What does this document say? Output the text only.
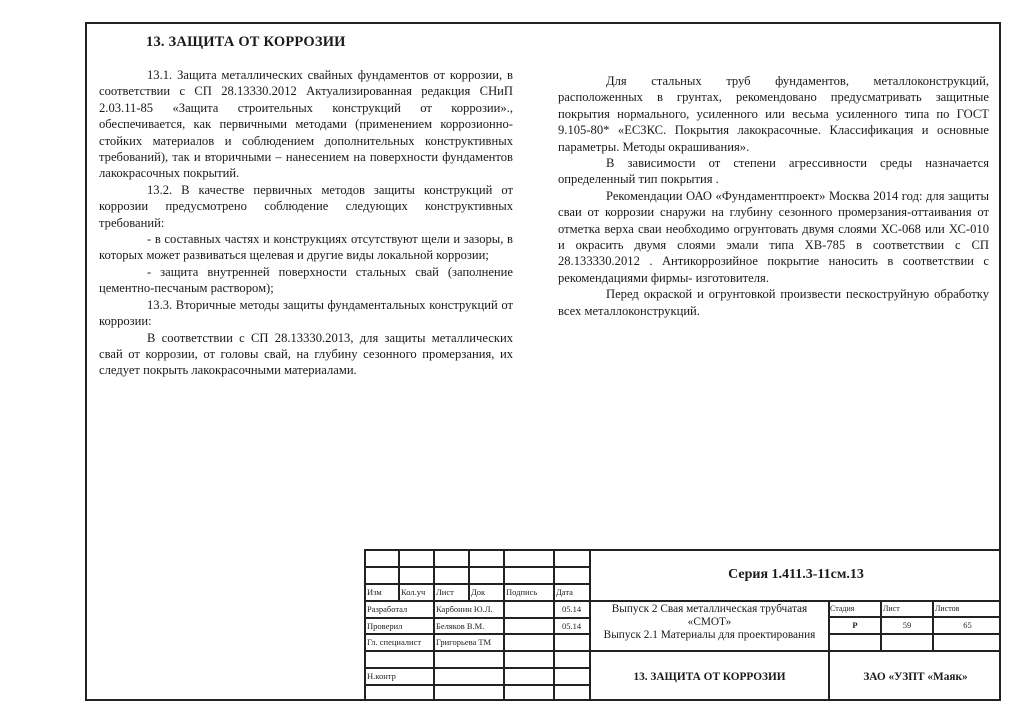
13. ЗАЩИТА ОТ КОРРОЗИИ

13.1. Защита металлических свайных фундаментов от коррозии, в соответствии с СП 28.13330.2012 Актуализированная редакция СНиП 2.03.11-85 «Защита строительных конструкций от коррозии»., обеспечивается, как первичными методами (применением коррозионно-стойких материалов и соблюдением дополнительных конструктивных требований), так и вторичными – нанесением на поверхности фундаментов лакокрасочных покрытий.

13.2. В качестве первичных методов защиты конструкций от коррозии предусмотрено соблюдение следующих конструктивных требований:

- в составных частях и конструкциях отсутствуют щели и зазоры, в которых может развиваться щелевая и другие виды локальной коррозии;

- защита внутренней поверхности стальных свай (заполнение цементно-песчаным раствором);

13.3. Вторичные методы защиты фундаментальных конструкций от коррозии:

В соответствии с СП 28.13330.2013, для защиты металлических свай от коррозии, от головы свай, на глубину сезонного промерзания, их следует покрыть лакокрасочными материалами.

Для стальных труб фундаментов, металлоконструкций, расположенных в грунтах, рекомендовано предусматривать защитные покрытия нормального, усиленного или весьма усиленного типа по ГОСТ 9.105-80* «ЕСЗКС. Покрытия лакокрасочные. Классификация и основные параметры. Методы окрашивания».

В зависимости от степени агрессивности среды назначается определенный тип покрытия .

Рекомендации ОАО «Фундаментпроект» Москва 2014 год: для защиты сваи от коррозии снаружи на глубину сезонного промерзания-оттаивания от отметка верха сваи необходимо огрунтовать двумя слоями ХС-068 или ХС-010 и окрасить двумя слоями эмали типа ХВ-785 в соответствии с СП 28.133330.2012 . Антикоррозийное покрытие наносить в соответствии с рекомендациями фирмы- изготовителя.

Перед окраской и огрунтовкой произвести пескоструйную обработку всех металлоконструкций.

Изм Кол.уч Лист Док Подпись Дата
Разработал	Карбонин Ю.Л.	05.14
Проверил	Беляков В.М.	05.14
Гл. специалист Григорьева ТМ
Н.контр
Серия 1.411.3-11см.13
Выпуск 2 Свая металлическая трубчатая
«СМОТ»
Выпуск 2.1 Материалы для проектирования
Стадия	Лист	Листов
Р	59	65
13. ЗАЩИТА ОТ КОРРОЗИИ	ЗАО «УЗПТ «Маяк»
